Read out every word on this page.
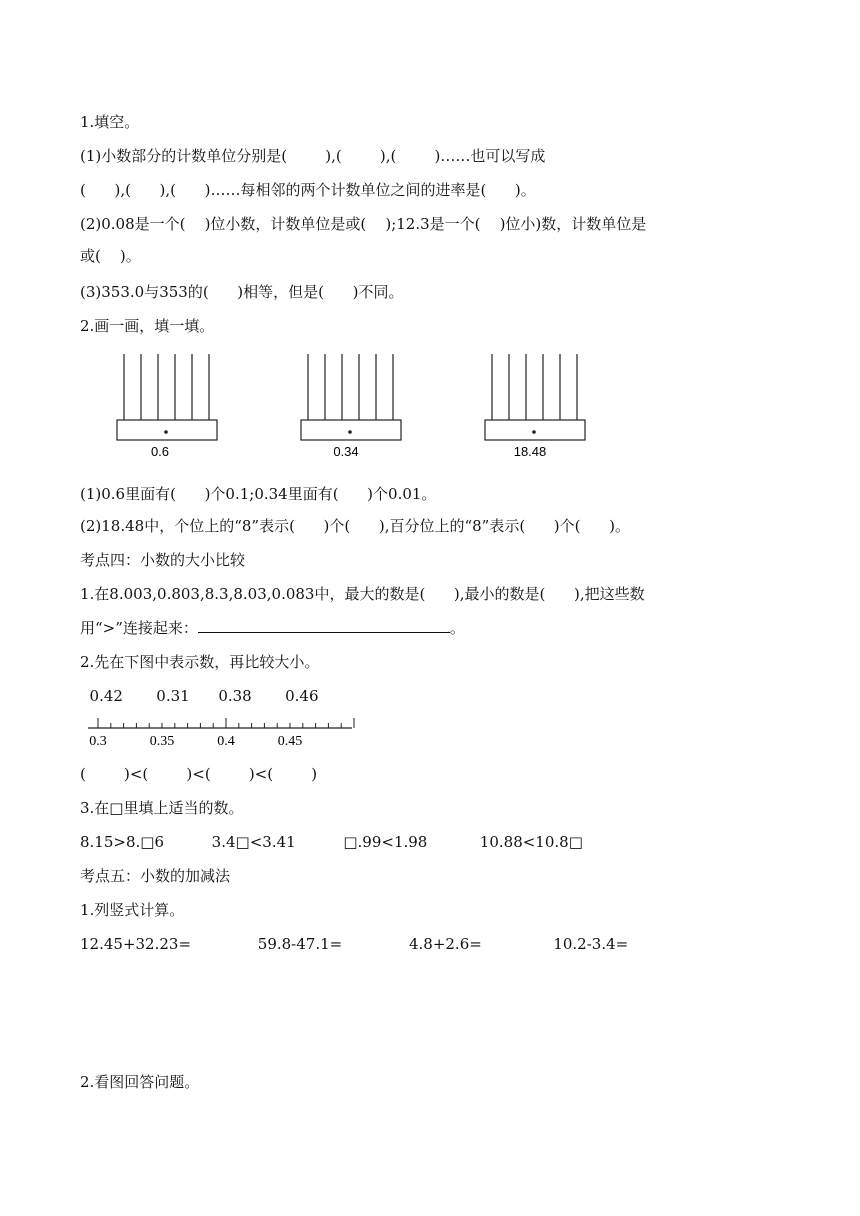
1.填空。
(1)小数部分的计数单位分别是(        ),(        ),(        )……也可以写成
(      ),(      ),(      )……每相邻的两个计数单位之间的进率是(      )。
(2)0.08是一个(    )位小数，计数单位是或(    );12.3是一个(    )位小)数，计数单位是
或(    )。
(3)353.0与353的(      )相等，但是(      )不同。
2.画一画，填一填。
0.6	0.34	18.48
(1)0.6里面有(      )个0.1;0.34里面有(      )个0.01。
(2)18.48中，个位上的“8”表示(      )个(      ),百分位上的“8”表示(      )个(      )。
考点四：小数的大小比较
1.在8.003,0.803,8.3,8.03,0.083中，最大的数是(      ),最小的数是(      ),把这些数
用“>”连接起来：	。
2.先在下图中表示数，再比较大小。
0.42       0.31      0.38       0.46
0.3	0.35	0.4	0.45
(        )<(        )<(        )<(        )
3.在□里填上适当的数。
8.15>8.□6          3.4□<3.41          □.99<1.98           10.88<10.8□
考点五：小数的加减法
1.列竖式计算。
12.45+32.23=              59.8-47.1=              4.8+2.6=               10.2-3.4=
2.看图回答问题。
